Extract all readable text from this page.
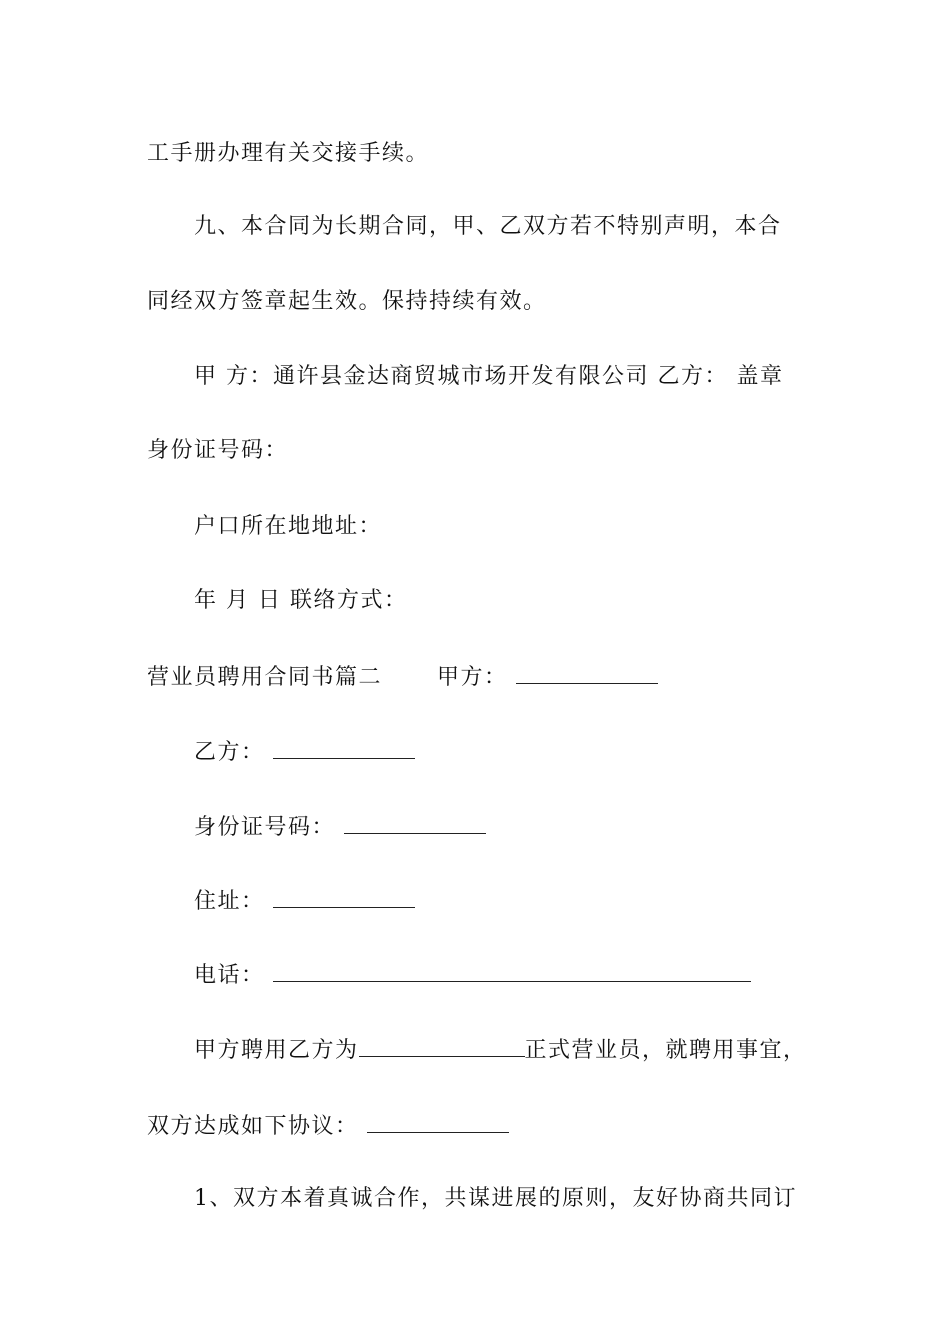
工手册办理有关交接手续。
九、本合同为长期合同，甲、乙双方若不特别声明，本合
同经双方签章起生效。保持持续有效。
甲 方：通许县金达商贸城市场开发有限公司 乙方： 盖章
身份证号码：
户口所在地地址：
年 月 日 联络方式：
营业员聘用合同书篇二	甲方：
乙方：
身份证号码：
住址：
电话：
甲方聘用乙方为	正式营业员，就聘用事宜，
双方达成如下协议：
1、双方本着真诚合作，共谋进展的原则，友好协商共同订
